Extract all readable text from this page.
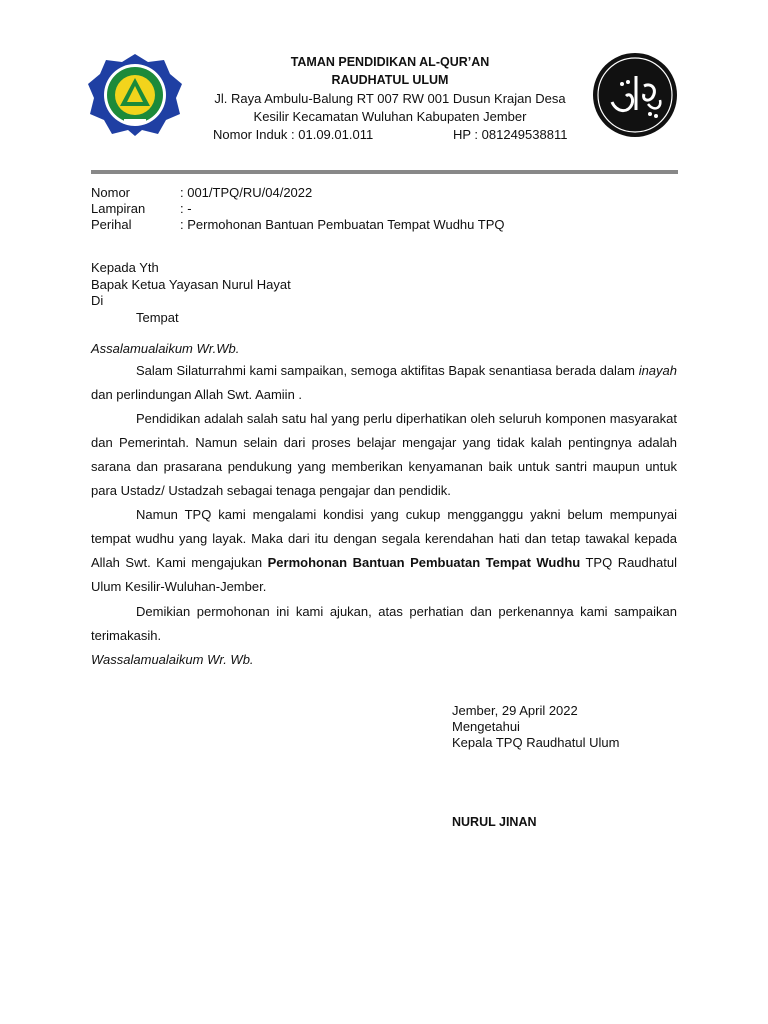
TAMAN PENDIDIKAN AL-QUR’AN
RAUDHATUL ULUM
Jl. Raya Ambulu-Balung RT 007 RW 001 Dusun Krajan Desa
Kesilir Kecamatan Wuluhan Kabupaten Jember
Nomor Induk : 01.09.01.011	HP : 081249538811
Nomor	: 001/TPQ/RU/04/2022
Lampiran	: -
Perihal	: Permohonan Bantuan Pembuatan Tempat Wudhu TPQ
Kepada Yth
Bapak Ketua Yayasan Nurul Hayat
Di
Tempat
Assalamualaikum Wr.Wb.
Salam Silaturrahmi kami sampaikan, semoga aktifitas Bapak senantiasa berada dalam inayah dan perlindungan Allah Swt. Aamiin .
Pendidikan adalah salah satu hal yang perlu diperhatikan oleh seluruh komponen masyarakat dan Pemerintah. Namun selain dari proses belajar mengajar yang tidak kalah pentingnya adalah sarana dan prasarana pendukung yang memberikan kenyamanan baik untuk santri maupun untuk para Ustadz/ Ustadzah sebagai tenaga pengajar dan pendidik.
Namun TPQ kami mengalami kondisi yang cukup mengganggu yakni belum mempunyai tempat wudhu yang layak. Maka dari itu dengan segala kerendahan hati dan tetap tawakal kepada Allah Swt. Kami mengajukan Permohonan Bantuan Pembuatan Tempat Wudhu TPQ Raudhatul Ulum Kesilir-Wuluhan-Jember.
Demikian permohonan ini kami ajukan, atas perhatian dan perkenannya kami sampaikan terimakasih.
Wassalamualaikum Wr. Wb.
Jember, 29 April 2022
Mengetahui
Kepala TPQ Raudhatul Ulum
NURUL JINAN
